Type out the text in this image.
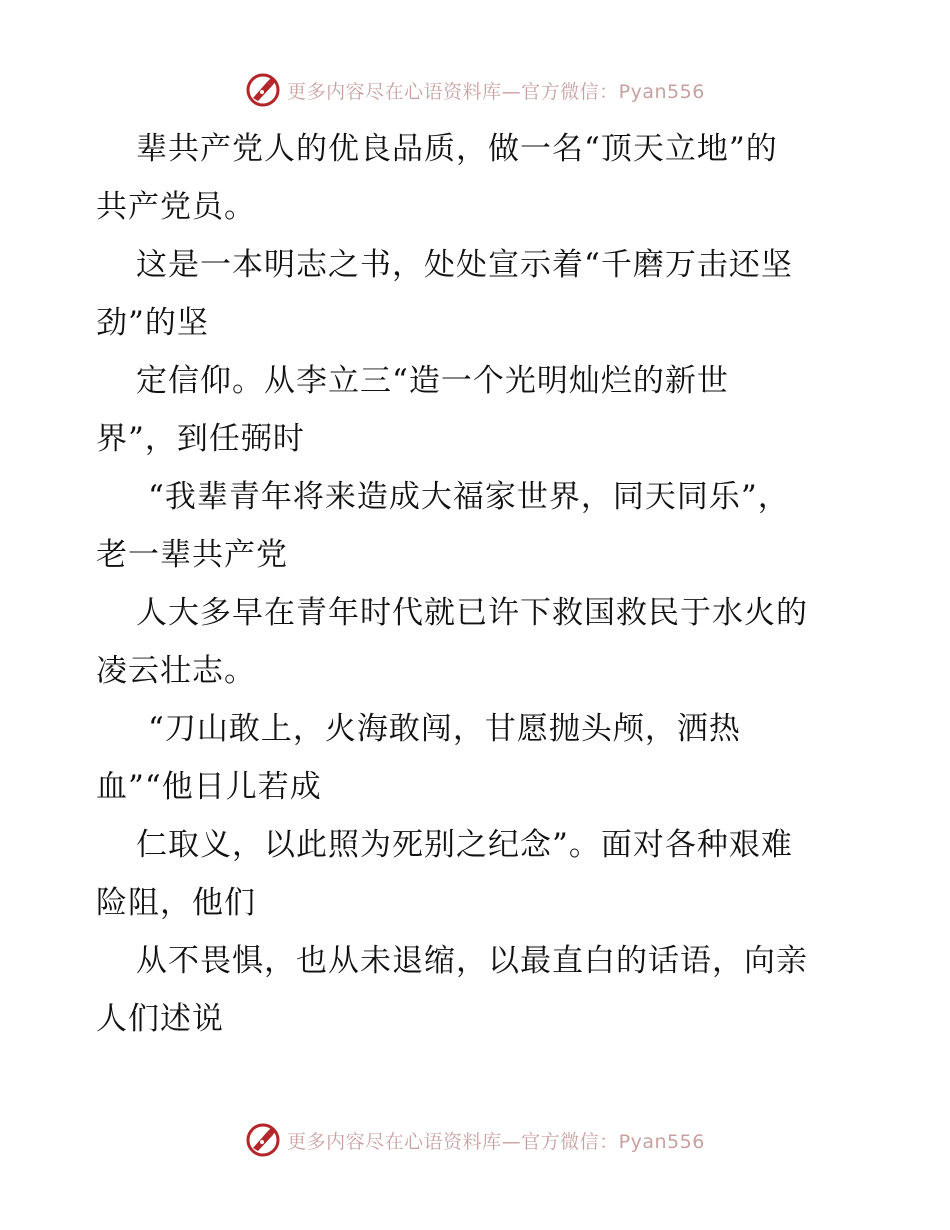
更多内容尽在心语资料库—官方微信：Pyan556
辈共产党人的优良品质，做一名“顶天立地”的
共产党员。
这是一本明志之书，处处宣示着“千磨万击还坚
劲”的坚
定信仰。从李立三“造一个光明灿烂的新世
界”，到任弼时
“我辈青年将来造成大福家世界，同天同乐”，
老一辈共产党
人大多早在青年时代就已许下救国救民于水火的
凌云壮志。
“刀山敢上，火海敢闯，甘愿抛头颅，洒热
血”“他日儿若成
仁取义，以此照为死别之纪念”。面对各种艰难
险阻，他们
从不畏惧，也从未退缩，以最直白的话语，向亲
人们述说
更多内容尽在心语资料库—官方微信：Pyan556
